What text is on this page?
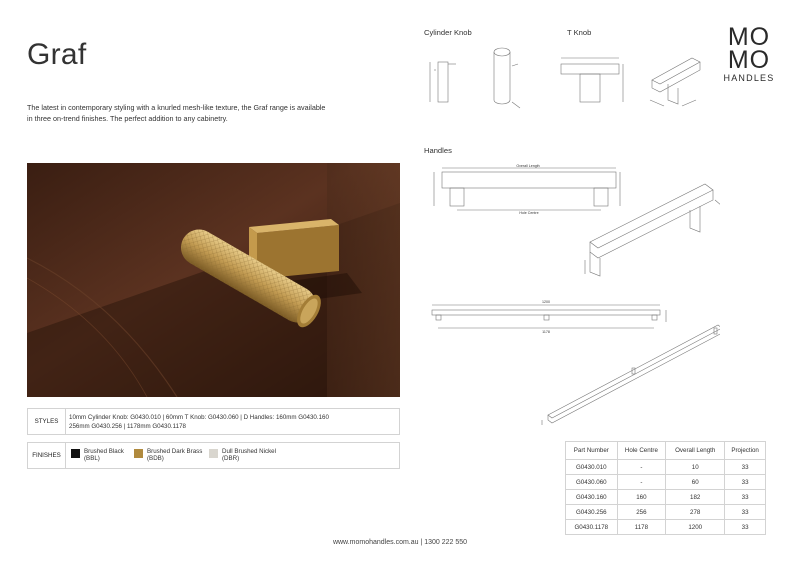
Graf
The latest in contemporary styling with a knurled mesh-like texture, the Graf range is available in three on-trend finishes. The perfect addition to any cabinetry.
STYLES
10mm Cylinder Knob: G0430.010 | 60mm T Knob: G0430.060 | D Handles: 160mm G0430.160
256mm G0430.256 | 1178mm G0430.1178
FINISHES
Brushed Black
(BBL)
Brushed Dark Brass
(BDB)
Dull Brushed Nickel
(DBR)
Cylinder Knob	T Knob
Handles
MO
MO
HANDLES
Overall Length
Hole Centre
1200
1178
Part Number	Hole Centre	Overall Length	Projection
G0430.010	-	10	33
G0430.060	-	60	33
G0430.160	160	182	33
G0430.256	256	278	33
G0430.1178	1178	1200	33
www.momohandles.com.au | 1300 222 550
